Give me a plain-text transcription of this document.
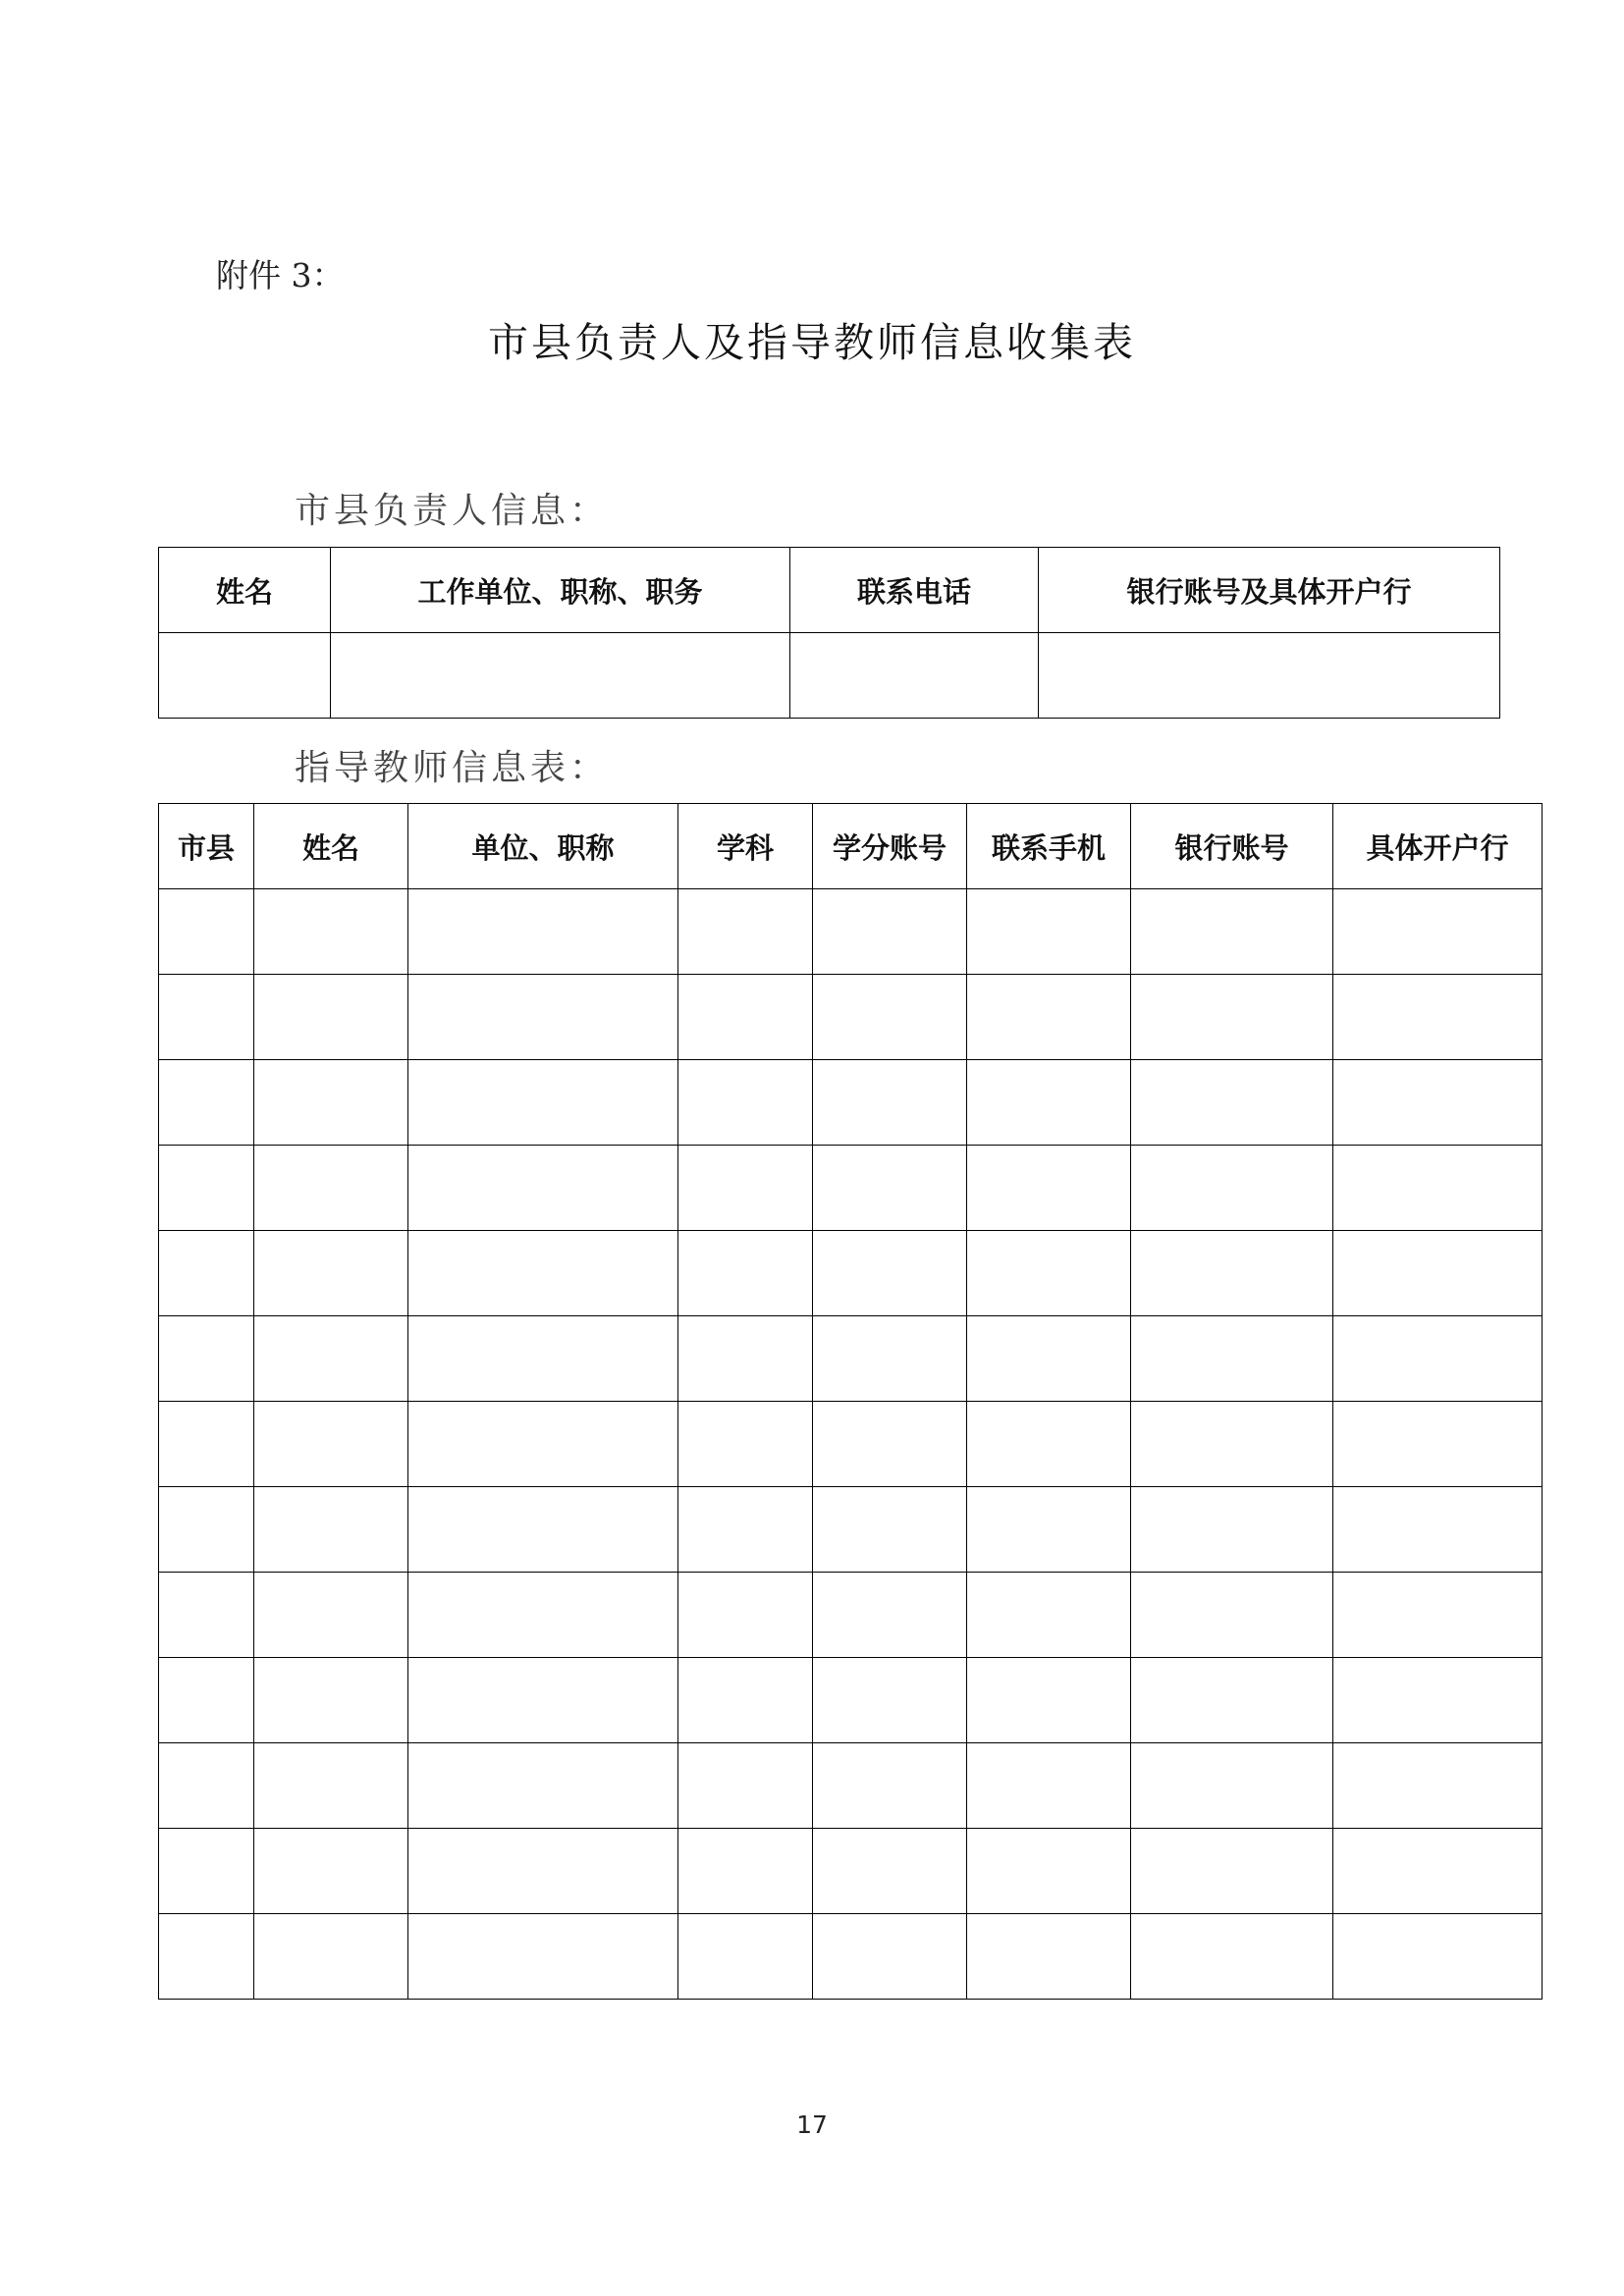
附件 3：
市县负责人及指导教师信息收集表
市县负责人信息：
姓名	工作单位、职称、职务	联系电话	银行账号及具体开户行

指导教师信息表：
市县	姓名	单位、职称	学科	学分账号	联系手机	银行账号	具体开户行

17
